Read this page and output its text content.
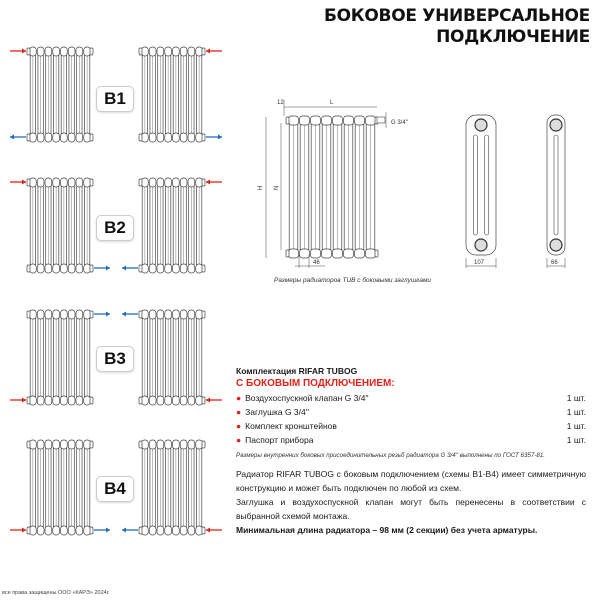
L
12
H N
46
G 3/4''
107	66
БОКОВОЕ УНИВЕРСАЛЬНОЕ
ПОДКЛЮЧЕНИЕ
B1
B2
B3
B4
Размеры радиаторов TUB с боковыми заглушками
Комплектация RIFAR TUBOG
С БОКОВЫМ ПОДКЛЮЧЕНИЕМ:
● Воздухоспускной клапан G 3/4''	1 шт.
● Заглушка G 3/4''	1 шт.
● Комплект кронштейнов	1 шт.
● Паспорт прибора	1 шт.
Размеры внутренних боковых присоединительных резьб радиатора G 3/4'' выполнены по ГОСТ 6357-81.
Радиатор RIFAR TUBOG с боковым подключением (схемы B1-B4) имеет симметричную конструкцию и может быть подключен по любой из схем.
Заглушка и воздухоспускной клапан могут быть перенесены в соответствии с выбранной схемой монтажа.
Минимальная длина радиатора – 98 мм (2 секции) без учета арматуры.
все права защищены ООО «КАРЭ» 2024г.
